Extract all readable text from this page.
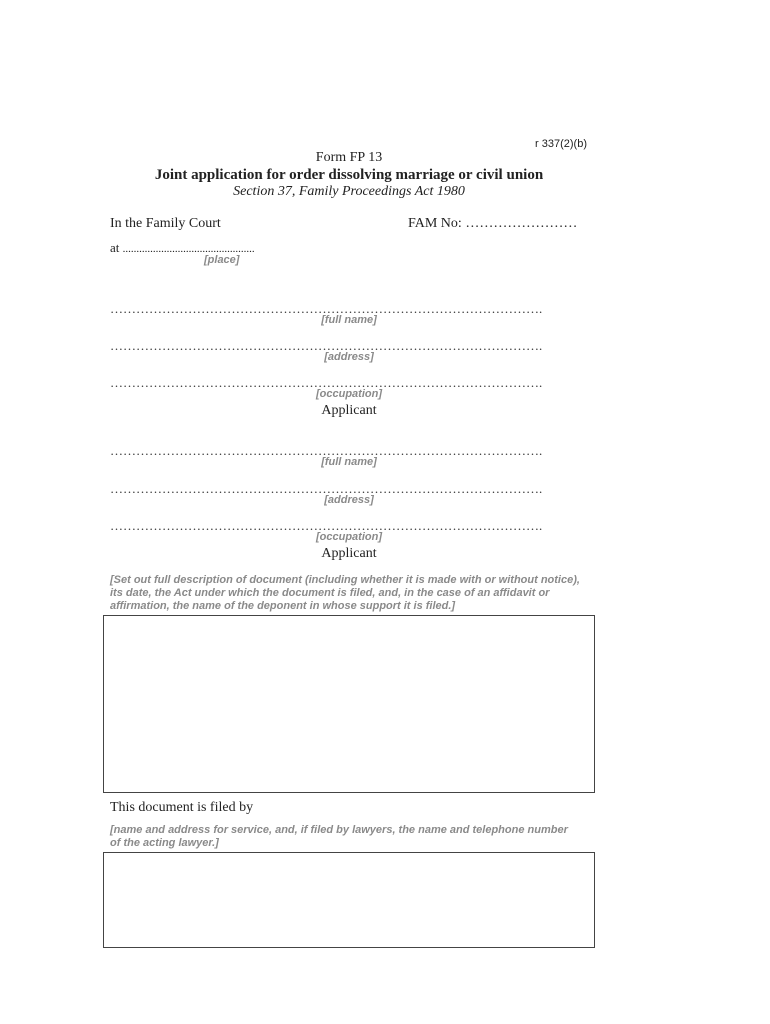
r 337(2)(b)
Form FP 13
Joint application for order dissolving marriage or civil union
Section 37, Family Proceedings Act 1980
In the Family Court	FAM No: ……………………
at ................................................
[place]
……………………………………………………………………………………….
[full name]
……………………………………………………………………………………….
[address]
……………………………………………………………………………………….
[occupation]
Applicant
……………………………………………………………………………………….
[full name]
……………………………………………………………………………………….
[address]
……………………………………………………………………………………….
[occupation]
Applicant
[Set out full description of document (including whether it is made with or without notice), its date, the Act under which the document is filed, and, in the case of an affidavit or affirmation, the name of the deponent in whose support it is filed.]
This document is filed by
[name and address for service, and, if filed by lawyers, the name and telephone number of the acting lawyer.]
